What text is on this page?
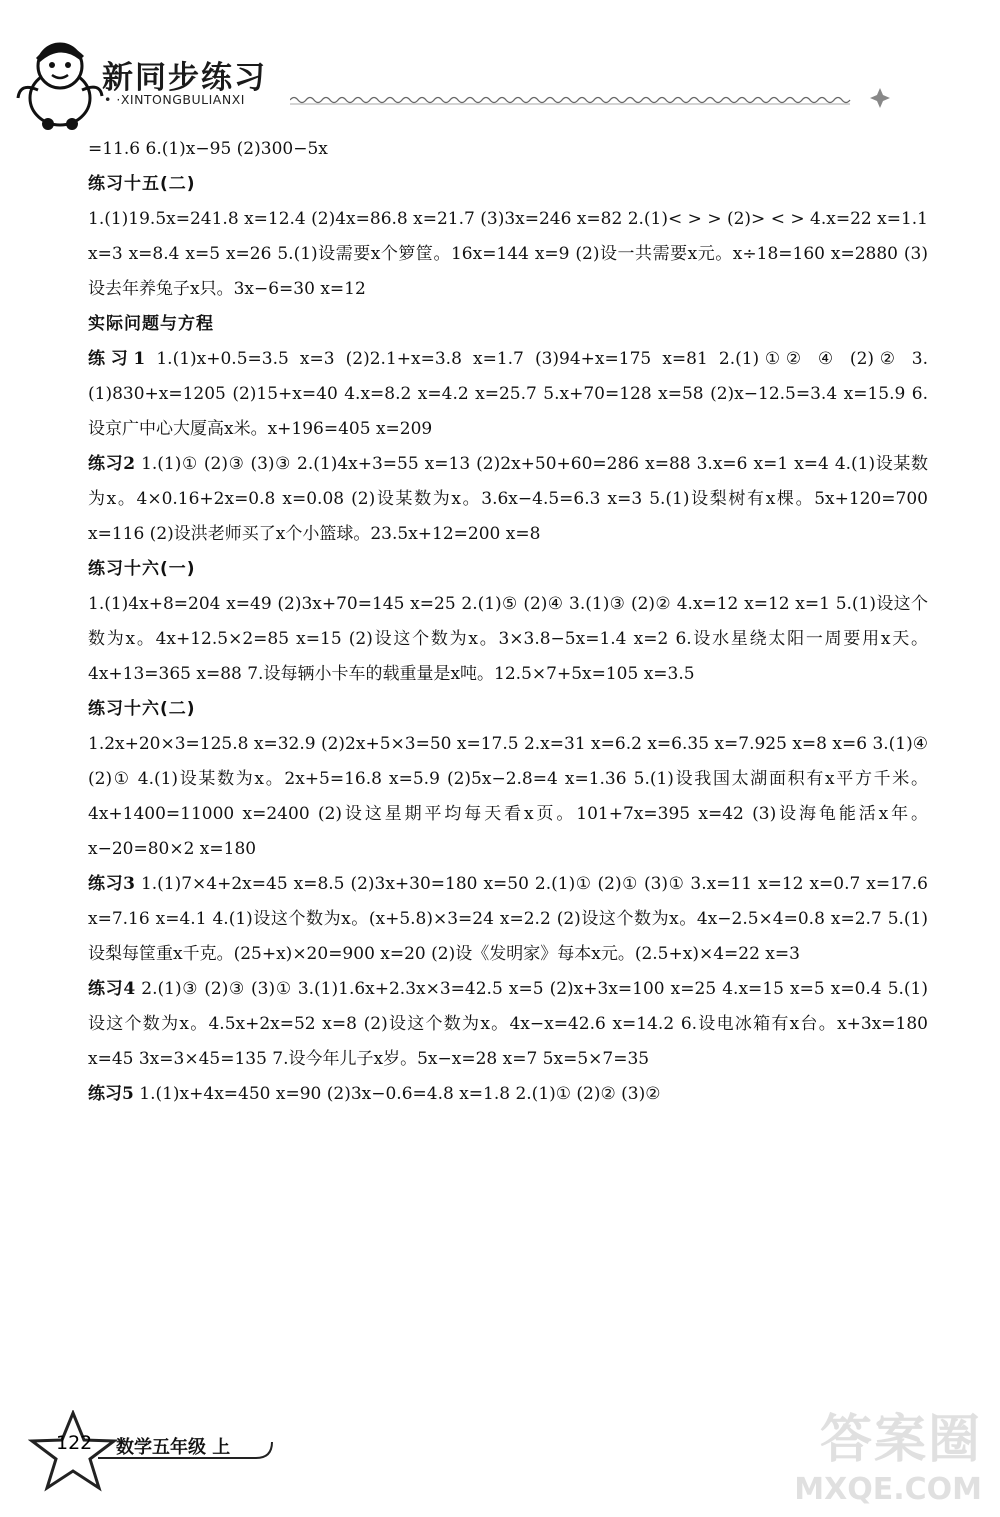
新同步练习
• ·XINTONGBULIANXI

=11.6 6.(1)x−95 (2)300−5x

练习十五(二)

1.(1)19.5x=241.8 x=12.4 (2)4x=86.8 x=21.7 (3)3x=246 x=82 2.(1)< > > (2)> < > 4.x=22 x=1.1 x=3 x=8.4 x=5 x=26 5.(1)设需要x个箩筐。16x=144 x=9 (2)设一共需要x元。x÷18=160 x=2880 (3)设去年养兔子x只。3x−6=30 x=12

实际问题与方程

练习1 1.(1)x+0.5=3.5 x=3 (2)2.1+x=3.8 x=1.7 (3)94+x=175 x=81 2.(1)①② ④ (2)② 3.(1)830+x=1205 (2)15+x=40 4.x=8.2 x=4.2 x=25.7 5.x+70=128 x=58 (2)x−12.5=3.4 x=15.9 6.设京广中心大厦高x米。x+196=405 x=209

练习2 1.(1)① (2)③ (3)③ 2.(1)4x+3=55 x=13 (2)2x+50+60=286 x=88 3.x=6 x=1 x=4 4.(1)设某数为x。4×0.16+2x=0.8 x=0.08 (2)设某数为x。3.6x−4.5=6.3 x=3 5.(1)设梨树有x棵。5x+120=700 x=116 (2)设洪老师买了x个小篮球。23.5x+12=200 x=8

练习十六(一)

1.(1)4x+8=204 x=49 (2)3x+70=145 x=25 2.(1)⑤ (2)④ 3.(1)③ (2)② 4.x=12 x=12 x=1 5.(1)设这个数为x。4x+12.5×2=85 x=15 (2)设这个数为x。3×3.8−5x=1.4 x=2 6.设水星绕太阳一周要用x天。4x+13=365 x=88 7.设每辆小卡车的载重量是x吨。12.5×7+5x=105 x=3.5

练习十六(二)

1.2x+20×3=125.8 x=32.9 (2)2x+5×3=50 x=17.5 2.x=31 x=6.2 x=6.35 x=7.925 x=8 x=6 3.(1)④ (2)① 4.(1)设某数为x。2x+5=16.8 x=5.9 (2)5x−2.8=4 x=1.36 5.(1)设我国太湖面积有x平方千米。4x+1400=11000 x=2400 (2)设这星期平均每天看x页。101+7x=395 x=42 (3)设海龟能活x年。x−20=80×2 x=180

练习3 1.(1)7×4+2x=45 x=8.5 (2)3x+30=180 x=50 2.(1)① (2)① (3)① 3.x=11 x=12 x=0.7 x=17.6 x=7.16 x=4.1 4.(1)设这个数为x。(x+5.8)×3=24 x=2.2 (2)设这个数为x。4x−2.5×4=0.8 x=2.7 5.(1)设梨每筐重x千克。(25+x)×20=900 x=20 (2)设《发明家》每本x元。(2.5+x)×4=22 x=3

练习4 2.(1)③ (2)③ (3)① 3.(1)1.6x+2.3x×3=42.5 x=5 (2)x+3x=100 x=25 4.x=15 x=5 x=0.4 5.(1)设这个数为x。4.5x+2x=52 x=8 (2)设这个数为x。4x−x=42.6 x=14.2 6.设电冰箱有x台。x+3x=180 x=45 3x=3×45=135 7.设今年儿子x岁。5x−x=28 x=7 5x=5×7=35

练习5 1.(1)x+4x=450 x=90 (2)3x−0.6=4.8 x=1.8 2.(1)① (2)② (3)②

122 数学五年级 上	答案圈
MXQE.COM
